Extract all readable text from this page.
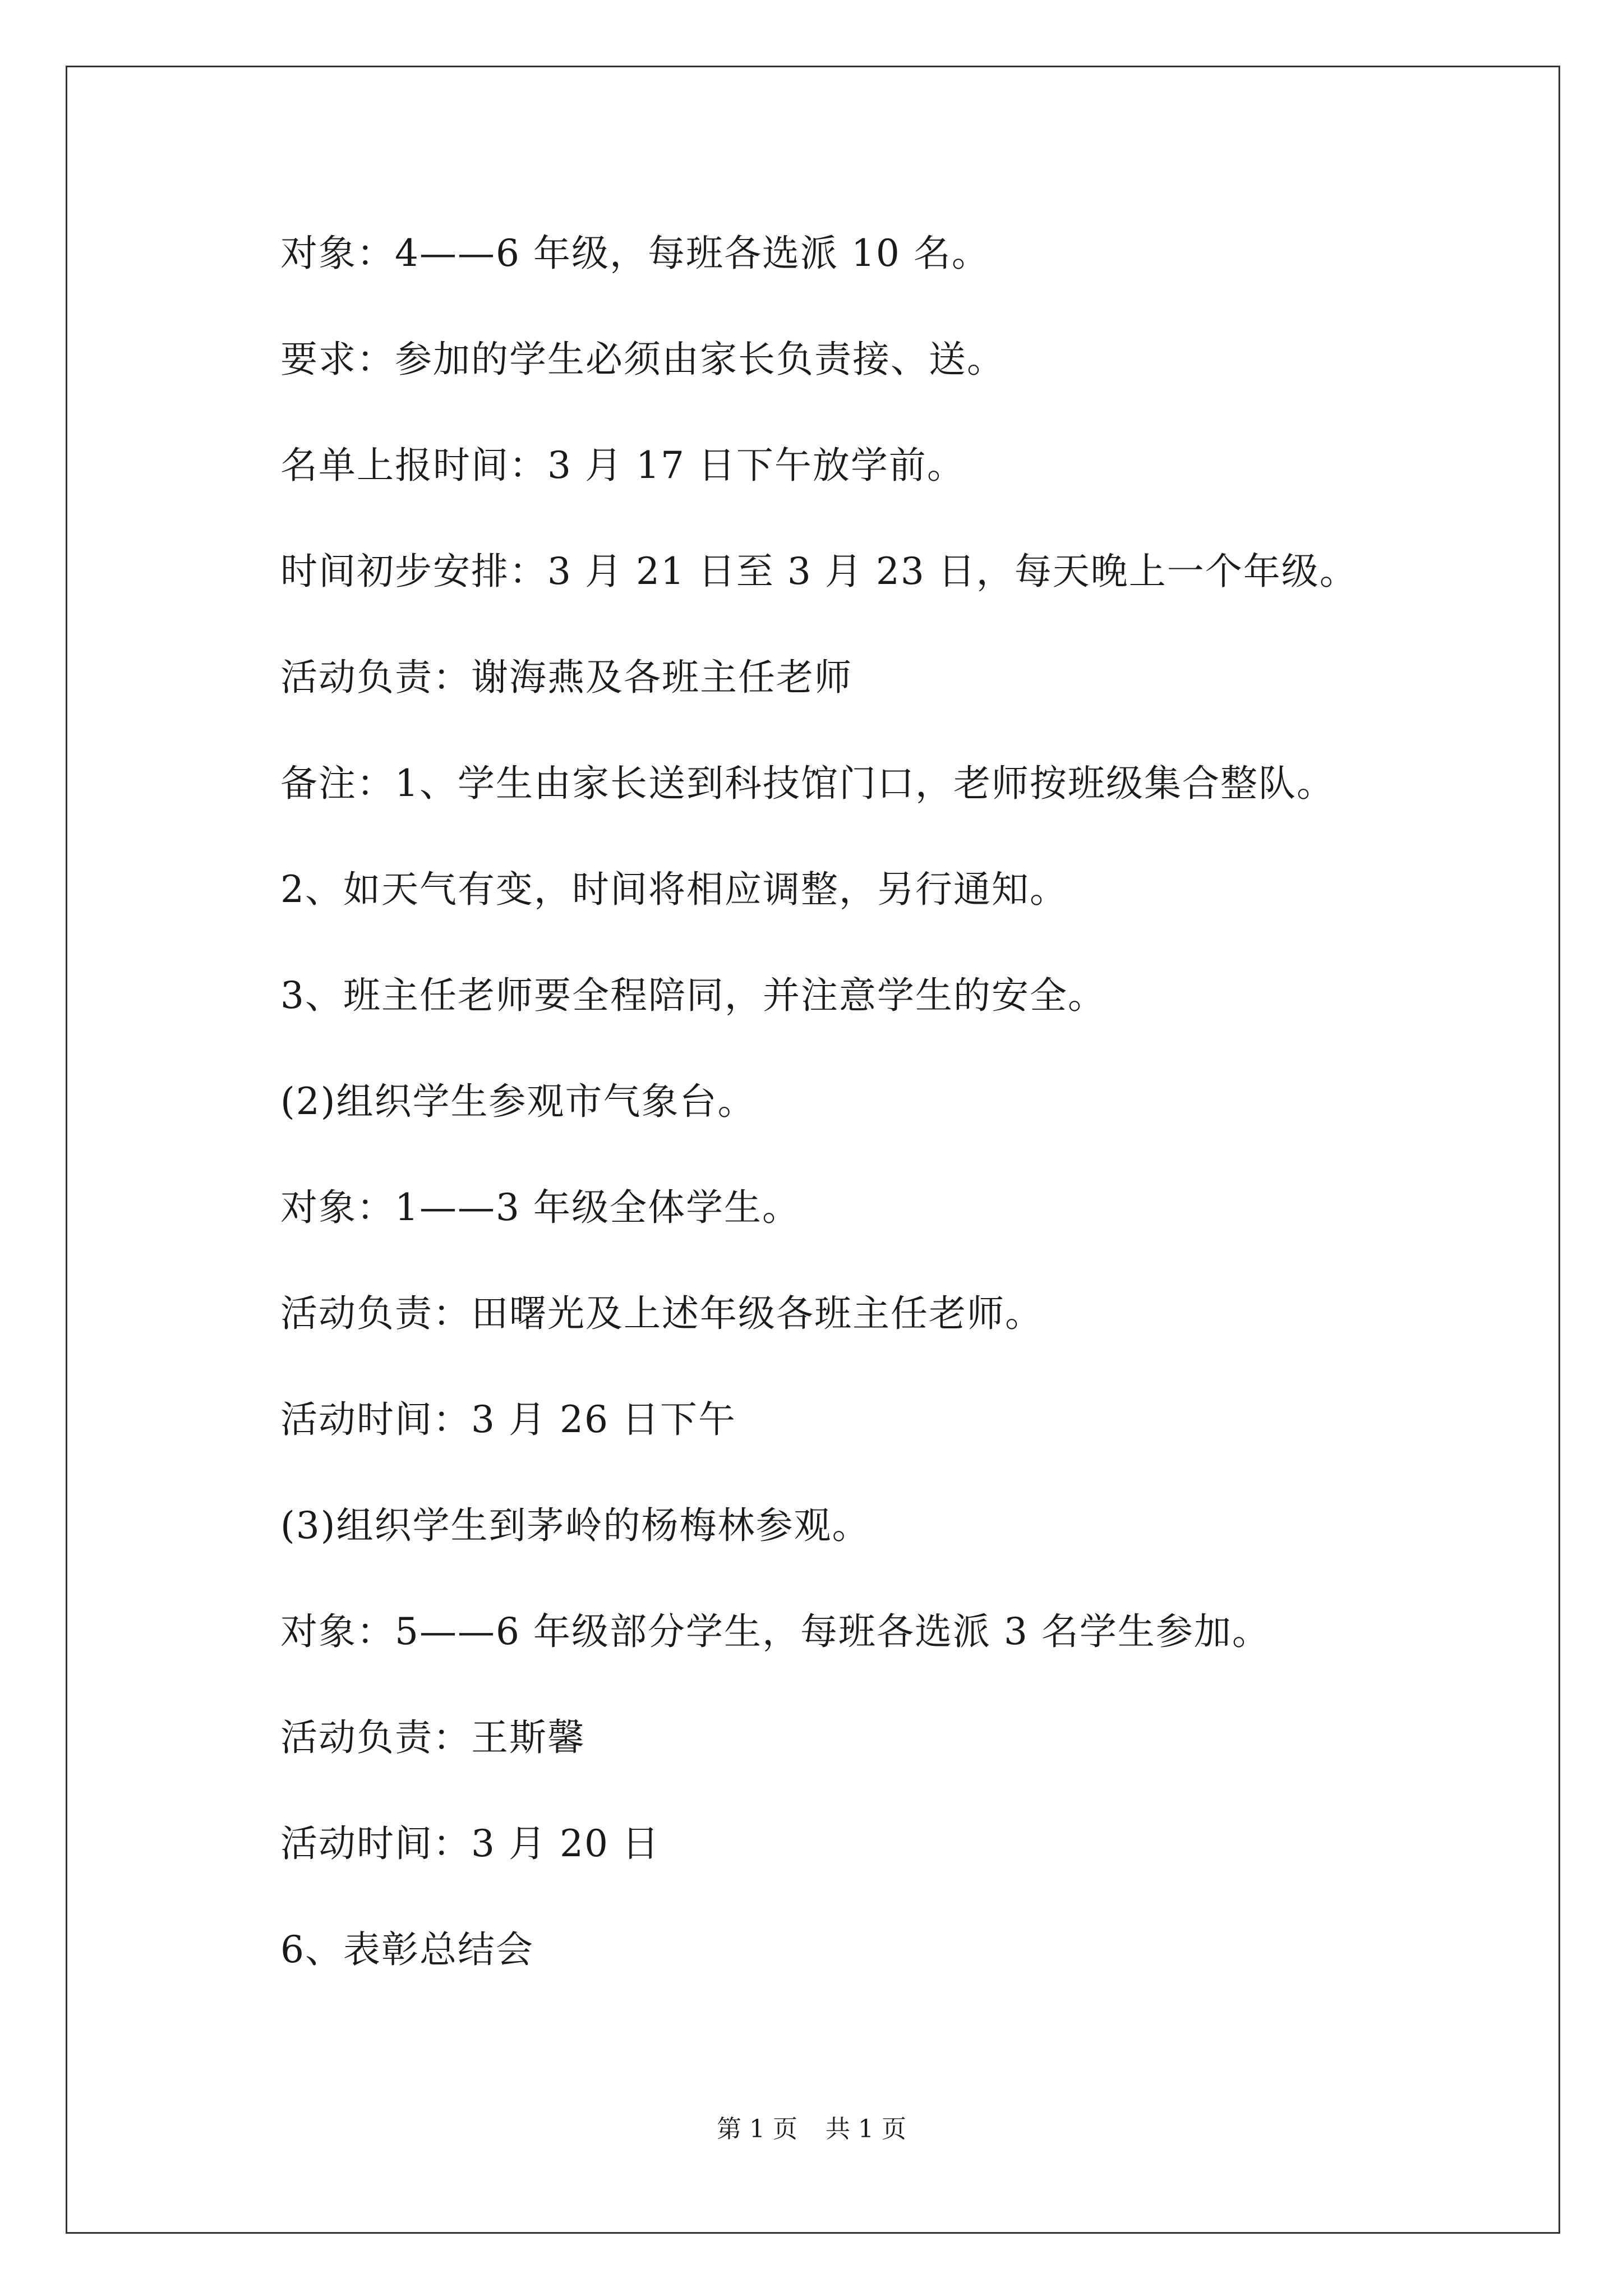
对象：4——6 年级，每班各选派 10 名。
要求：参加的学生必须由家长负责接、送。
名单上报时间：3 月 17 日下午放学前。
时间初步安排：3 月 21 日至 3 月 23 日，每天晚上一个年级。
活动负责：谢海燕及各班主任老师
备注：1、学生由家长送到科技馆门口，老师按班级集合整队。
2、如天气有变，时间将相应调整，另行通知。
3、班主任老师要全程陪同，并注意学生的安全。
(2)组织学生参观市气象台。
对象：1——3 年级全体学生。
活动负责：田曙光及上述年级各班主任老师。
活动时间：3 月 26 日下午
(3)组织学生到茅岭的杨梅林参观。
对象：5——6 年级部分学生，每班各选派 3 名学生参加。
活动负责：王斯馨
活动时间：3 月 20 日
6、表彰总结会
第 1 页 共 1 页
